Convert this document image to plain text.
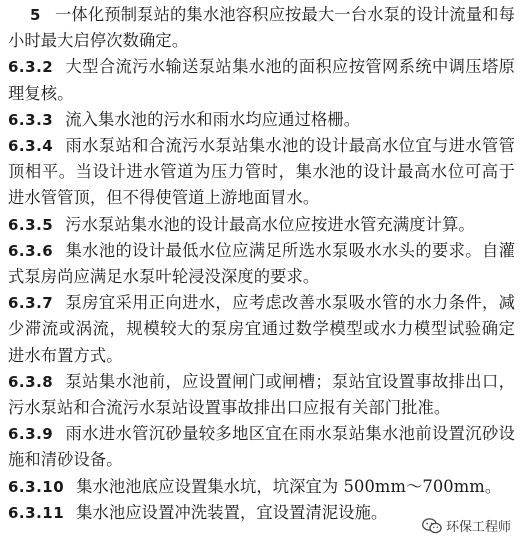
5 一体化预制泵站的集水池容积应按最大一台水泵的设计流量和每小时最大启停次数确定。
6.3.2 大型合流污水输送泵站集水池的面积应按管网系统中调压塔原理复核。
6.3.3 流入集水池的污水和雨水均应通过格栅。
6.3.4 雨水泵站和合流污水泵站集水池的设计最高水位宜与进水管管顶相平。当设计进水管道为压力管时，集水池的设计最高水位可高于进水管管顶，但不得使管道上游地面冒水。
6.3.5 污水泵站集水池的设计最高水位应按进水管充满度计算。
6.3.6 集水池的设计最低水位应满足所选水泵吸水水头的要求。自灌式泵房尚应满足水泵叶轮浸没深度的要求。
6.3.7 泵房宜采用正向进水，应考虑改善水泵吸水管的水力条件，减少滞流或涡流，规模较大的泵房宜通过数学模型或水力模型试验确定进水布置方式。
6.3.8 泵站集水池前，应设置闸门或闸槽；泵站宜设置事故排出口，污水泵站和合流污水泵站设置事故排出口应报有关部门批准。
6.3.9 雨水进水管沉砂量较多地区宜在雨水泵站集水池前设置沉砂设施和清砂设备。
6.3.10 集水池池底应设置集水坑，坑深宜为 500mm～700mm。
6.3.11 集水池应设置冲洗装置，宜设置清泥设施。
环保工程师
